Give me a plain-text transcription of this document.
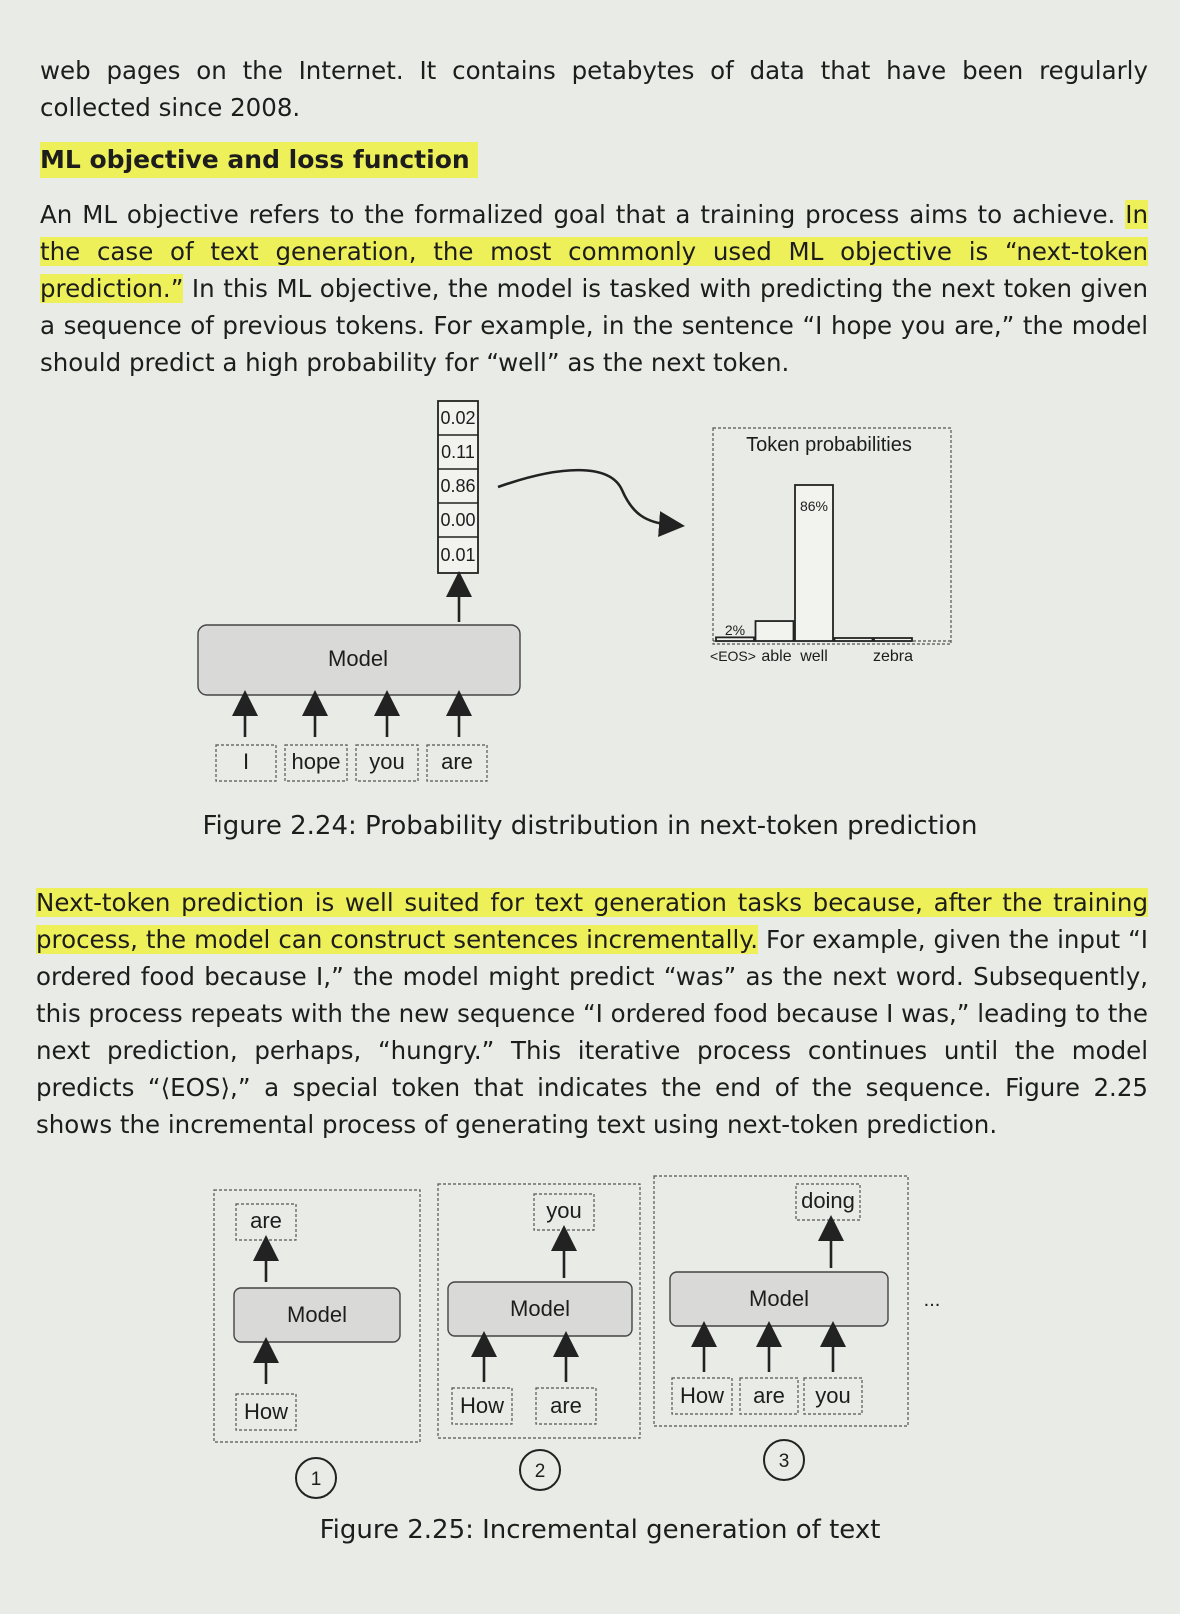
web pages on the Internet. It contains petabytes of data that have been regularly collected since 2008.

ML objective and loss function

An ML objective refers to the formalized goal that a training process aims to achieve. In the case of text generation, the most commonly used ML objective is “next-token prediction.” In this ML objective, the model is tasked with predicting the next token given a sequence of previous tokens. For example, in the sentence “I hope you are,” the model should predict a high probability for “well” as the next token.

0.02
0.11
0.86
0.00
0.01
Model
I hope you are
Token probabilities
2%
86%
<EOS> able well	zebra
Figure 2.24: Probability distribution in next-token prediction

Next-token prediction is well suited for text generation tasks because, after the training process, the model can construct sentences incrementally. For example, given the input “I ordered food because I,” the model might predict “was” as the next word. Subsequently, this process repeats with the new sequence “I ordered food because I was,” leading to the next prediction, perhaps, “hungry.” This iterative process continues until the model predicts “⟨EOS⟩,” a special token that indicates the end of the sequence. Figure 2.25 shows the incremental process of generating text using next-token prediction.

are
Model
How
1
you
Model
How are
2
doing
Model
How are you
3
...
Figure 2.25: Incremental generation of text
